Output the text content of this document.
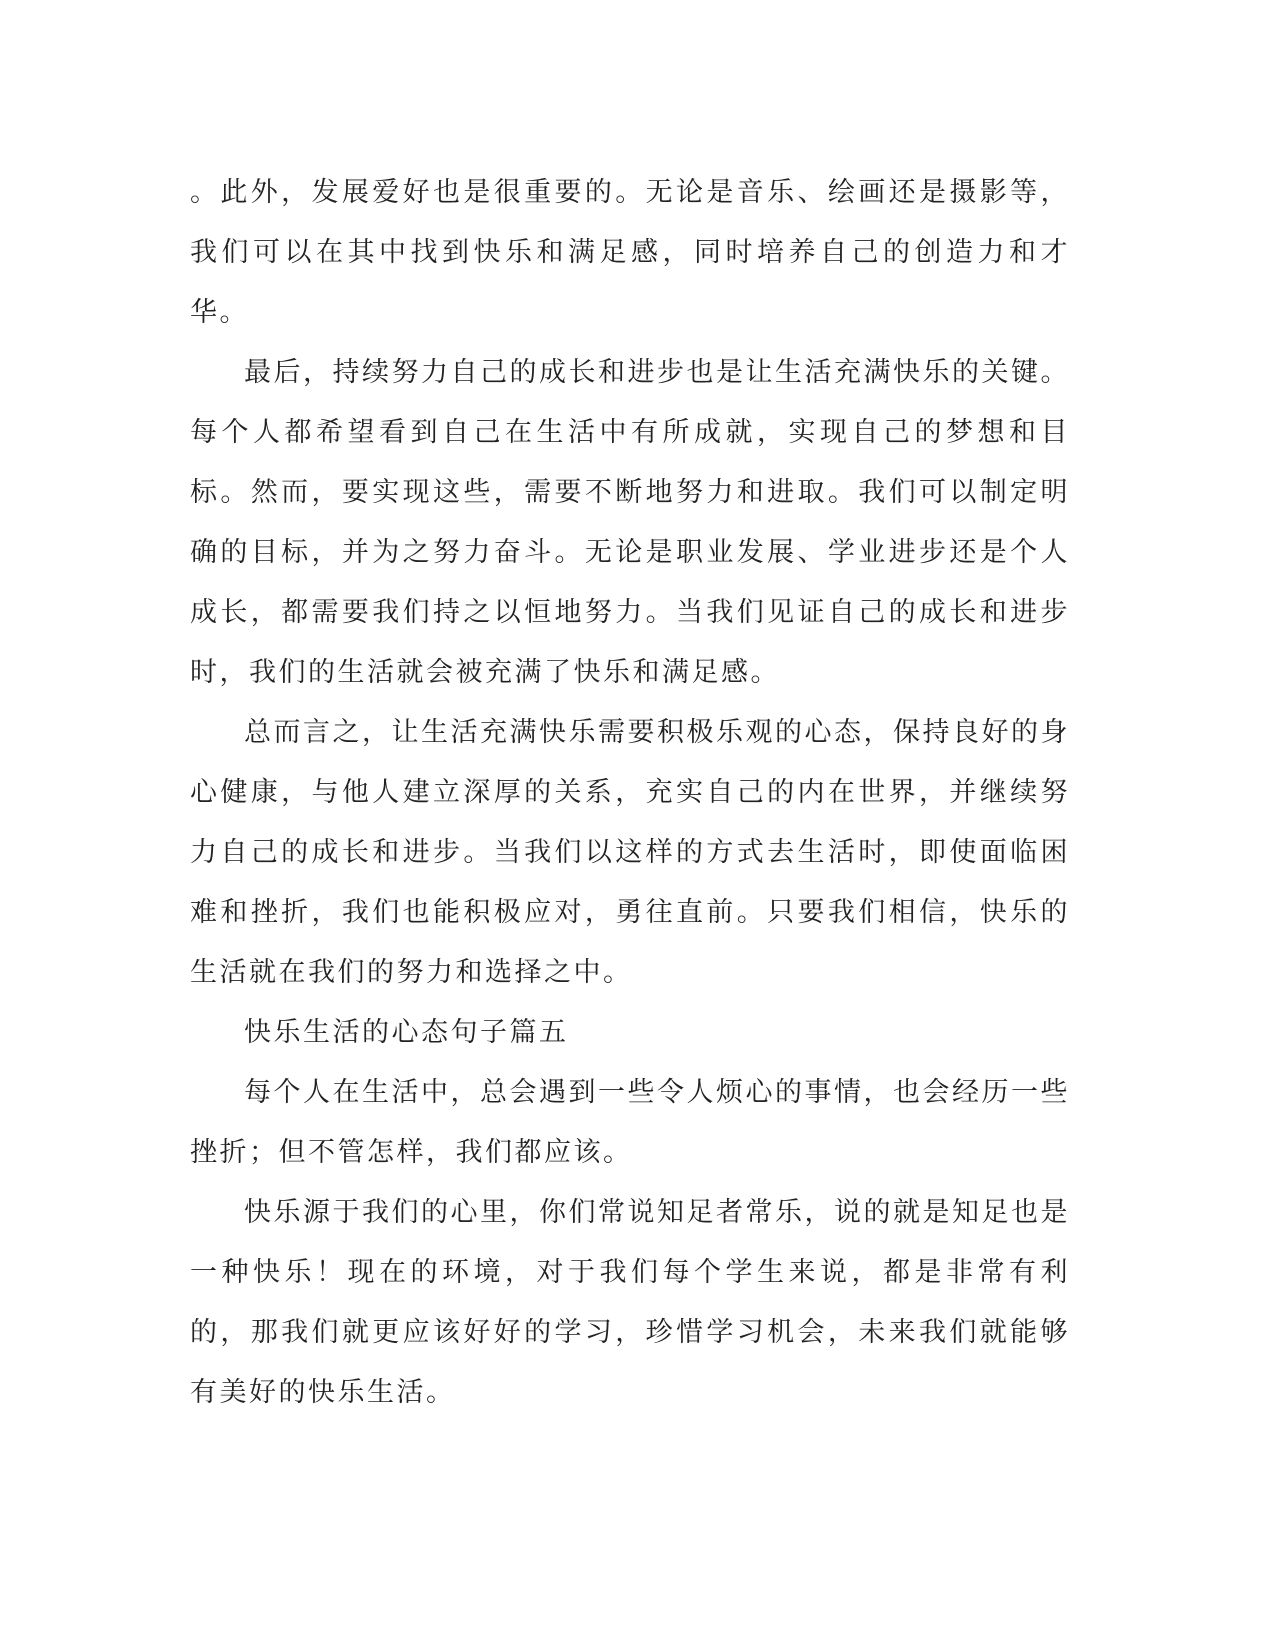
。此外，发展爱好也是很重要的。无论是音乐、绘画还是摄影等，我们可以在其中找到快乐和满足感，同时培养自己的创造力和才华。

最后，持续努力自己的成长和进步也是让生活充满快乐的关键。每个人都希望看到自己在生活中有所成就，实现自己的梦想和目标。然而，要实现这些，需要不断地努力和进取。我们可以制定明确的目标，并为之努力奋斗。无论是职业发展、学业进步还是个人成长，都需要我们持之以恒地努力。当我们见证自己的成长和进步时，我们的生活就会被充满了快乐和满足感。

总而言之，让生活充满快乐需要积极乐观的心态，保持良好的身心健康，与他人建立深厚的关系，充实自己的内在世界，并继续努力自己的成长和进步。当我们以这样的方式去生活时，即使面临困难和挫折，我们也能积极应对，勇往直前。只要我们相信，快乐的生活就在我们的努力和选择之中。

快乐生活的心态句子篇五

每个人在生活中，总会遇到一些令人烦心的事情，也会经历一些挫折；但不管怎样，我们都应该。

快乐源于我们的心里，你们常说知足者常乐，说的就是知足也是一种快乐！现在的环境，对于我们每个学生来说，都是非常有利的，那我们就更应该好好的学习，珍惜学习机会，未来我们就能够有美好的快乐生活。
